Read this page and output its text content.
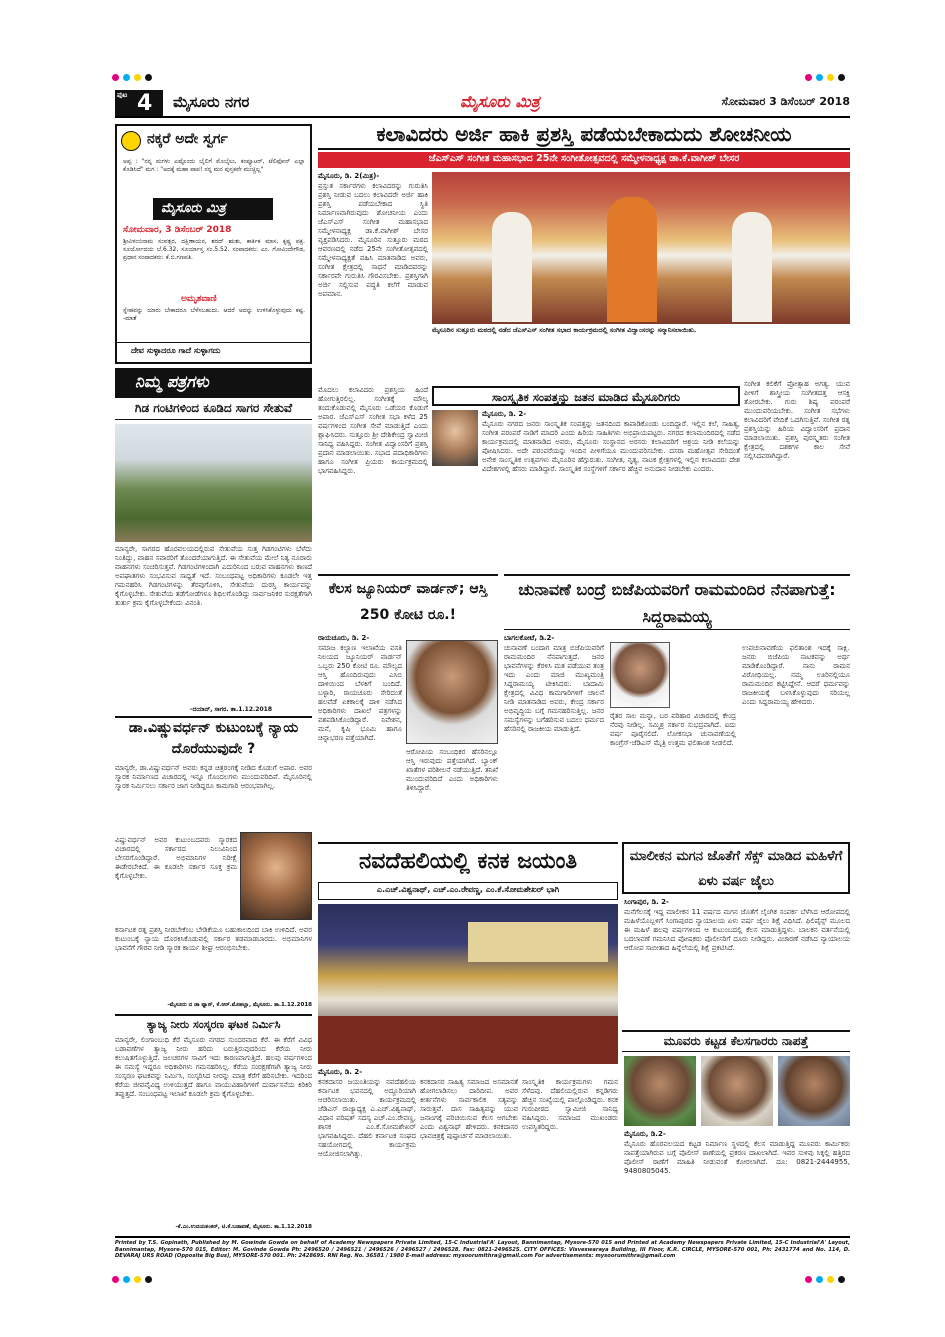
ಪುಟ 4 ಮೈಸೂರು ನಗರ	ಮೈಸೂರು ಮಿತ್ರ	ಸೋಮವಾರ 3 ಡಿಸೆಂಬರ್ 2018
ನಕ್ಕರೆ ಅದೇ ಸ್ವರ್ಗ
ಅಪ್ಪ : "ನನ್ನ ಮಗಳು ಎಷ್ಟೊಂದು ಬೈಲಿಗೆ ಮೊಬೈಲು, ಕಂಪ್ಯೂಟರ್, ಟೆಲಿಫೋನ್ ಎಲ್ಲಾ ಕೊಡಿಸಿದೆ" ಮಗ : "ಅದಕ್ಕೆ ಮಹಾ ಪಾಪ! ನನ್ನ ಮನ ಪುಸ್ತಕವೇ ಮುಚ್ಚಿಲ್ಲ"
ಮೈಸೂರು ಮಿತ್ರ
ಸೋಮವಾರ, 3 ಡಿಸೆಂಬರ್ 2018
ಶ್ರೀವಿಳಂಬಿನಾಮ ಸಂವತ್ಸರ, ದಕ್ಷಿಣಾಯನ, ಶರದ್ ಋತು, ಕಾರ್ತಿಕ ಮಾಸ, ಕೃಷ್ಣ ಪಕ್ಷ. ಸೂರ್ಯೋದಯ ಬೆ.6.32, ಸೂರ್ಯಾಸ್ತ ಸಂ.5.52. ಸಂಪಾದಕರು: ಎಂ. ಗೋವಿಂದೇಗೌಡ, ಪ್ರಧಾನ ಸಂಪಾದಕರು: ಕೆ.ಬಿ.ಗಣಪತಿ.
ಅಮೃತವಾಣಿ
ಸ್ನೇಹವನ್ನು ಯಾರು ಬೇಕಾದರೂ ಬೆಳೆಸಬಹುದು. ಆದರೆ ಅದನ್ನು ಉಳಿಸಿಕೊಳ್ಳುವುದು ಕಷ್ಟ. -ಮಾತೆ
ದೇವ ಸುಳ್ಳಾದರೂ ಗಾದೆ ಸುಳ್ಳಾಗದು
ನಿಮ್ಮ ಪತ್ರಗಳು
ಗಿಡ ಗಂಟಿಗಳಿಂದ ಕೂಡಿದ ಸಾಗರ ಸೇತುವೆ
ಮಾನ್ಯರೇ, ಸಾಗರದ ಹೊರವಲಯದಲ್ಲಿರುವ ಸೇತುವೆಯ ಸುತ್ತ ಗಿಡಗಂಟಿಗಳು ಬೆಳೆದು ನಿಂತಿದ್ದು, ವಾಹನ ಸವಾರರಿಗೆ ತೊಂದರೆಯಾಗುತ್ತಿದೆ. ಈ ಸೇತುವೆಯ ಮೇಲೆ ನಿತ್ಯ ನೂರಾರು ವಾಹನಗಳು ಸಂಚರಿಸುತ್ತವೆ. ಗಿಡಗಂಟಿಗಳಿಂದಾಗಿ ಎದುರಿನಿಂದ ಬರುವ ವಾಹನಗಳು ಕಾಣದೆ ಅಪಘಾತಗಳು ಸಂಭವಿಸುವ ಸಾಧ್ಯತೆ ಇದೆ. ಸಂಬಂಧಪಟ್ಟ ಅಧಿಕಾರಿಗಳು ಕೂಡಲೇ ಇತ್ತ ಗಮನಹರಿಸಿ ಗಿಡಗಂಟಿಗಳನ್ನು ತೆರವುಗೊಳಿಸಿ, ಸೇತುವೆಯ ದುರಸ್ತಿ ಕಾರ್ಯವನ್ನು ಕೈಗೊಳ್ಳಬೇಕು. ಸೇತುವೆಯ ತಡೆಗೋಡೆಗಳೂ ಶಿಥಿಲಗೊಂಡಿದ್ದು ಸಾರ್ವಜನಿಕರ ಸುರಕ್ಷತೆಗಾಗಿ ತುರ್ತು ಕ್ರಮ ಕೈಗೊಳ್ಳಬೇಕೆಂದು ವಿನಂತಿ.
-ದಯಾನ್, ಸಾಗರ. ತಾ.1.12.2018
ಡಾ.ವಿಷ್ಣುವರ್ಧನ್ ಕುಟುಂಬಕ್ಕೆ ನ್ಯಾಯ ದೊರೆಯುವುದೇ ?
ಮಾನ್ಯರೇ, ಡಾ.ವಿಷ್ಣುವರ್ಧನ್ ಅವರು ಕನ್ನಡ ಚಿತ್ರರಂಗಕ್ಕೆ ನೀಡಿದ ಕೊಡುಗೆ ಅಪಾರ. ಅವರ ಸ್ಮಾರಕ ನಿರ್ಮಾಣದ ವಿಚಾರದಲ್ಲಿ ಇನ್ನೂ ಗೊಂದಲಗಳು ಮುಂದುವರಿದಿವೆ. ಮೈಸೂರಿನಲ್ಲಿ ಸ್ಮಾರಕ ನಿರ್ಮಿಸಲು ಸರ್ಕಾರ ಜಾಗ ನೀಡಿದ್ದರೂ ಕಾಮಗಾರಿ ಆರಂಭವಾಗಿಲ್ಲ.
ವಿಷ್ಣುವರ್ಧನ್ ಅವರ ಕುಟುಂಬದವರು ಸ್ಮಾರಕದ ವಿಚಾರದಲ್ಲಿ ಸರ್ಕಾರದ ನಿಲುವಿನಿಂದ ಬೇಸರಗೊಂಡಿದ್ದಾರೆ. ಅಭಿಮಾನಿಗಳ ನಿರೀಕ್ಷೆ ಈಡೇರಬೇಕಿದೆ. ಈ ಕೂಡಲೇ ಸರ್ಕಾರ ಸೂಕ್ತ ಕ್ರಮ ಕೈಗೊಳ್ಳಬೇಕು.
ಕರ್ನಾಟಕ ರತ್ನ ಪ್ರಶಸ್ತಿ ನೀಡಬೇಕೆಂಬ ಬೇಡಿಕೆಯೂ ಬಹುಕಾಲದಿಂದ ಬಾಕಿ ಉಳಿದಿದೆ. ಅವರ ಕುಟುಂಬಕ್ಕೆ ನ್ಯಾಯ ದೊರಕಿಸಿಕೊಡುವಲ್ಲಿ ಸರ್ಕಾರ ತಡಮಾಡಬಾರದು. ಅಭಿಮಾನಿಗಳ ಭಾವನೆಗೆ ಗೌರವ ನೀಡಿ ಸ್ಮಾರಕ ಕಾರ್ಯ ಶೀಘ್ರ ಆರಂಭಿಸಬೇಕು.
-ಮೈಸೂರು ದ ಡಾ ಫ್ಯಾನ್, ಕೆ.ಆರ್.ಮೊಹಲ್ಲಾ, ಮೈಸೂರು. ತಾ.1.12.2018
ತ್ಯಾಜ್ಯ ನೀರು ಸಂಸ್ಕರಣ ಘಟಕ ನಿರ್ಮಿಸಿ
ಮಾನ್ಯರೇ, ಲಿಂಗಾಂಬುಧಿ ಕೆರೆ ಮೈಸೂರು ನಗರದ ಸುಂದರವಾದ ಕೆರೆ. ಈ ಕೆರೆಗೆ ವಿವಿಧ ಬಡಾವಣೆಗಳ ತ್ಯಾಜ್ಯ ನೀರು ಹರಿದು ಬರುತ್ತಿರುವುದರಿಂದ ಕೆರೆಯ ನೀರು ಕಲುಷಿತಗೊಳ್ಳುತ್ತಿದೆ. ಜಲಚರಗಳ ಸಾವಿಗೆ ಇದು ಕಾರಣವಾಗುತ್ತಿದೆ. ಹಲವು ವರ್ಷಗಳಿಂದ ಈ ಸಮಸ್ಯೆ ಇದ್ದರೂ ಅಧಿಕಾರಿಗಳು ಗಮನಹರಿಸಿಲ್ಲ. ಕೆರೆಯ ಸಂರಕ್ಷಣೆಗಾಗಿ ತ್ಯಾಜ್ಯ ನೀರು ಸಂಸ್ಕರಣ ಘಟಕವನ್ನು ನಿರ್ಮಿಸಿ, ಸಂಸ್ಕರಿಸಿದ ನೀರನ್ನು ಮಾತ್ರ ಕೆರೆಗೆ ಹರಿಸಬೇಕು. ಇದರಿಂದ ಕೆರೆಯ ಜೀವವೈವಿಧ್ಯ ಉಳಿಯುತ್ತದೆ ಹಾಗೂ ವಾಯುವಿಹಾರಿಗಳಿಗೆ ದುರ್ವಾಸನೆಯ ಕಿರಿಕಿರಿ ತಪ್ಪುತ್ತದೆ. ಸಂಬಂಧಪಟ್ಟ ಇಲಾಖೆ ಕೂಡಲೇ ಕ್ರಮ ಕೈಗೊಳ್ಳಬೇಕು.
-ಕೆ.ಎಂ.ಉದಯಶಂಕರ್, ಟಿ.ಕೆ.ಬಡಾವಣೆ, ಮೈಸೂರು. ತಾ.1.12.2018
ಕಲಾವಿದರು ಅರ್ಜಿ ಹಾಕಿ ಪ್ರಶಸ್ತಿ ಪಡೆಯಬೇಕಾದುದು ಶೋಚನೀಯ
ಜೆಎಸ್‌ಎಸ್ ಸಂಗೀತ ಮಹಾಸಭಾದ 25ನೇ ಸಂಗೀತೋತ್ಸವದಲ್ಲಿ ಸಮ್ಮೇಳನಾಧ್ಯಕ್ಷ ಡಾ.ಕೆ.ವಾಗೀಶ್ ಬೇಸರ
ಮೈಸೂರು, ಡಿ. 2(ಮಿತ್ರ)-
ಪ್ರಸ್ತುತ ಸರ್ಕಾರಗಳು ಕಲಾವಿದರನ್ನು ಗುರುತಿಸಿ ಪ್ರಶಸ್ತಿ ನೀಡುವ ಬದಲು ಕಲಾವಿದರೇ ಅರ್ಜಿ ಹಾಕಿ ಪ್ರಶಸ್ತಿ ಪಡೆಯಬೇಕಾದ ಸ್ಥಿತಿ ನಿರ್ಮಾಣವಾಗಿರುವುದು ಶೋಚನೀಯ ಎಂದು ಜೆಎಸ್‌ಎಸ್ ಸಂಗೀತ ಮಹಾಸಭಾದ ಸಮ್ಮೇಳನಾಧ್ಯಕ್ಷ ಡಾ.ಕೆ.ವಾಗೀಶ್ ಬೇಸರ ವ್ಯಕ್ತಪಡಿಸಿದರು. ಮೈಸೂರಿನ ಸುತ್ತೂರು ಮಠದ ಆವರಣದಲ್ಲಿ ನಡೆದ 25ನೇ ಸಂಗೀತೋತ್ಸವದಲ್ಲಿ ಸಮ್ಮೇಳನಾಧ್ಯಕ್ಷತೆ ವಹಿಸಿ ಮಾತನಾಡಿದ ಅವರು, ಸಂಗೀತ ಕ್ಷೇತ್ರದಲ್ಲಿ ಸಾಧನೆ ಮಾಡಿದವರನ್ನು ಸರ್ಕಾರವೇ ಗುರುತಿಸಿ ಗೌರವಿಸಬೇಕು. ಪ್ರಶಸ್ತಿಗಾಗಿ ಅರ್ಜಿ ಸಲ್ಲಿಸುವ ಪದ್ಧತಿ ಕಲೆಗೆ ಮಾಡುವ ಅಪಮಾನ.
ಮೈಸೂರಿನ ಸುತ್ತೂರು ಮಠದಲ್ಲಿ ನಡೆದ ಜೆಎಸ್‌ಎಸ್ ಸಂಗೀತ ಸಭಾದ ಕಾರ್ಯಕ್ರಮದಲ್ಲಿ ಸಂಗೀತ ವಿದ್ವಾಂಸರನ್ನು ಸನ್ಮಾನಿಸಲಾಯಿತು.
ಮೊದಲು ಕಲಾವಿದರು ಪ್ರಶಸ್ತಿಯ ಹಿಂದೆ ಹೋಗುತ್ತಿರಲಿಲ್ಲ. ಸಂಗೀತಕ್ಕೆ ಮೌಲ್ಯ ತಂದುಕೊಡುವಲ್ಲಿ ಮೈಸೂರು ಒಡೆಯರ ಕೊಡುಗೆ ಅಪಾರ. ಜೆಎಸ್‌ಎಸ್ ಸಂಗೀತ ಸಭಾ ಕಳೆದ 25 ವರ್ಷಗಳಿಂದ ಸಂಗೀತ ಸೇವೆ ಮಾಡುತ್ತಿದೆ ಎಂದು ಶ್ಲಾಘಿಸಿದರು. ಸುತ್ತೂರು ಶ್ರೀ ದೇಶಿಕೇಂದ್ರ ಸ್ವಾಮೀಜಿ ಸಾನಿಧ್ಯ ವಹಿಸಿದ್ದರು. ಸಂಗೀತ ವಿದ್ವಾಂಸರಿಗೆ ಪ್ರಶಸ್ತಿ ಪ್ರದಾನ ಮಾಡಲಾಯಿತು. ಸಭಾದ ಪದಾಧಿಕಾರಿಗಳು ಹಾಗೂ ಸಂಗೀತ ಪ್ರಿಯರು ಕಾರ್ಯಕ್ರಮದಲ್ಲಿ ಭಾಗವಹಿಸಿದ್ದರು.
ಸಂಗೀತ ಕಲಿಕೆಗೆ ಪ್ರೋತ್ಸಾಹ ಅಗತ್ಯ. ಯುವ ಪೀಳಿಗೆ ಶಾಸ್ತ್ರೀಯ ಸಂಗೀತದತ್ತ ಆಸಕ್ತಿ ತೋರಬೇಕು. ಗುರು ಶಿಷ್ಯ ಪರಂಪರೆ ಮುಂದುವರಿಯಬೇಕು. ಸಂಗೀತ ಸಭೆಗಳು ಕಲಾವಿದರಿಗೆ ವೇದಿಕೆ ಒದಗಿಸುತ್ತಿವೆ. ಸಂಗೀತ ರತ್ನ ಪ್ರಶಸ್ತಿಯನ್ನು ಹಿರಿಯ ವಿದ್ವಾಂಸರಿಗೆ ಪ್ರದಾನ ಮಾಡಲಾಯಿತು. ಪ್ರಶಸ್ತಿ ಪುರಸ್ಕೃತರು ಸಂಗೀತ ಕ್ಷೇತ್ರದಲ್ಲಿ ದಶಕಗಳ ಕಾಲ ಸೇವೆ ಸಲ್ಲಿಸಿದವರಾಗಿದ್ದಾರೆ.
ಸಾಂಸ್ಕೃತಿಕ ಸಂಪತ್ತನ್ನು ಜತನ ಮಾಡಿದ ಮೈಸೂರಿಗರು
ಮೈಸೂರು, ಡಿ. 2-
ಮೈಸೂರು ನಗರದ ಜನರು ಸಾಂಸ್ಕೃತಿಕ ಸಂಪತ್ತನ್ನು ಜತನದಿಂದ ಕಾಪಾಡಿಕೊಂಡು ಬಂದಿದ್ದಾರೆ. ಇಲ್ಲಿನ ಕಲೆ, ಸಾಹಿತ್ಯ, ಸಂಗೀತ ಪರಂಪರೆ ನಾಡಿಗೆ ಮಾದರಿ ಎಂದು ಹಿರಿಯ ಸಾಹಿತಿಗಳು ಅಭಿಪ್ರಾಯಪಟ್ಟರು. ನಗರದ ಕಲಾಮಂದಿರದಲ್ಲಿ ನಡೆದ ಕಾರ್ಯಕ್ರಮದಲ್ಲಿ ಮಾತನಾಡಿದ ಅವರು, ಮೈಸೂರು ಸಂಸ್ಥಾನದ ಅರಸರು ಕಲಾವಿದರಿಗೆ ಆಶ್ರಯ ನೀಡಿ ಕಲೆಯನ್ನು ಪೋಷಿಸಿದರು. ಅದೇ ಪರಂಪರೆಯನ್ನು ಇಂದಿನ ಪೀಳಿಗೆಯೂ ಮುಂದುವರಿಸಬೇಕು. ದಸರಾ ಮಹೋತ್ಸವ ಸೇರಿದಂತೆ ಅನೇಕ ಸಾಂಸ್ಕೃತಿಕ ಉತ್ಸವಗಳು ಮೈಸೂರಿನ ಹೆಗ್ಗುರುತು. ಸಂಗೀತ, ನೃತ್ಯ, ನಾಟಕ ಕ್ಷೇತ್ರಗಳಲ್ಲಿ ಇಲ್ಲಿನ ಕಲಾವಿದರು ದೇಶ ವಿದೇಶಗಳಲ್ಲಿ ಹೆಸರು ಮಾಡಿದ್ದಾರೆ. ಸಾಂಸ್ಕೃತಿಕ ಸಂಸ್ಥೆಗಳಿಗೆ ಸರ್ಕಾರ ಹೆಚ್ಚಿನ ಅನುದಾನ ನೀಡಬೇಕು ಎಂದರು.
ಕೆಲಸ ಜ್ಯೂನಿಯರ್ ವಾರ್ಡನ್; ಆಸ್ತಿ 250 ಕೋಟಿ ರೂ.!
ರಾಯಚೂರು, ಡಿ. 2-
ಸಮಾಜ ಕಲ್ಯಾಣ ಇಲಾಖೆಯ ವಸತಿ ನಿಲಯದ ಜ್ಯೂನಿಯರ್ ವಾರ್ಡನ್ ಒಬ್ಬರು 250 ಕೋಟಿ ರೂ. ಮೌಲ್ಯದ ಆಸ್ತಿ ಹೊಂದಿರುವುದು ಎಸಿಬಿ ದಾಳಿಯಿಂದ ಬೆಳಕಿಗೆ ಬಂದಿದೆ. ಬಳ್ಳಾರಿ, ರಾಯಚೂರು ಸೇರಿದಂತೆ ಹಲವೆಡೆ ಏಕಕಾಲಕ್ಕೆ ದಾಳಿ ನಡೆಸಿದ ಅಧಿಕಾರಿಗಳು ದಾಖಲೆ ಪತ್ರಗಳನ್ನು ವಶಪಡಿಸಿಕೊಂಡಿದ್ದಾರೆ. ನಿವೇಶನ, ಮನೆ, ಕೃಷಿ ಭೂಮಿ ಹಾಗೂ ಚಿನ್ನಾಭರಣ ಪತ್ತೆಯಾಗಿದೆ.
ಆರೋಪಿಯ ಸಂಬಂಧಿಕರ ಹೆಸರಿನಲ್ಲೂ ಆಸ್ತಿ ಇರುವುದು ಪತ್ತೆಯಾಗಿದೆ. ಬ್ಯಾಂಕ್ ಖಾತೆಗಳ ಪರಿಶೀಲನೆ ನಡೆಯುತ್ತಿದೆ. ತನಿಖೆ ಮುಂದುವರಿದಿದೆ ಎಂದು ಅಧಿಕಾರಿಗಳು ತಿಳಿಸಿದ್ದಾರೆ.
ಚುನಾವಣೆ ಬಂದ್ರೆ ಬಿಜೆಪಿಯವರಿಗೆ ರಾಮಮಂದಿರ ನೆನಪಾಗುತ್ತೆ: ಸಿದ್ದರಾಮಯ್ಯ
ಬಾಗಲಕೋಟೆ, ಡಿ.2-
ಚುನಾವಣೆ ಬಂದಾಗ ಮಾತ್ರ ಬಿಜೆಪಿಯವರಿಗೆ ರಾಮಮಂದಿರ ನೆನಪಾಗುತ್ತದೆ. ಜನರ ಭಾವನೆಗಳನ್ನು ಕೆರಳಿಸಿ ಮತ ಪಡೆಯುವ ತಂತ್ರ ಇದು ಎಂದು ಮಾಜಿ ಮುಖ್ಯಮಂತ್ರಿ ಸಿದ್ದರಾಮಯ್ಯ ಟೀಕಿಸಿದರು. ಬಾದಾಮಿ ಕ್ಷೇತ್ರದಲ್ಲಿ ವಿವಿಧ ಕಾಮಗಾರಿಗಳಿಗೆ ಚಾಲನೆ ನೀಡಿ ಮಾತನಾಡಿದ ಅವರು, ಕೇಂದ್ರ ಸರ್ಕಾರ ಅಭಿವೃದ್ಧಿಯ ಬಗ್ಗೆ ಗಮನಹರಿಸುತ್ತಿಲ್ಲ. ಜನರ ಸಮಸ್ಯೆಗಳನ್ನು ಬಗೆಹರಿಸುವ ಬದಲು ಧರ್ಮದ ಹೆಸರಿನಲ್ಲಿ ರಾಜಕೀಯ ಮಾಡುತ್ತಿದೆ.
ರೈತರ ಸಾಲ ಮನ್ನಾ, ಬರ ಪರಿಹಾರ ವಿಚಾರದಲ್ಲಿ ಕೇಂದ್ರ ನೆರವು ನೀಡಿಲ್ಲ. ಸಮ್ಮಿಶ್ರ ಸರ್ಕಾರ ಸುಭದ್ರವಾಗಿದೆ. ಐದು ವರ್ಷ ಪೂರೈಸಲಿದೆ. ಲೋಕಸಭಾ ಚುನಾವಣೆಯಲ್ಲಿ ಕಾಂಗ್ರೆಸ್-ಜೆಡಿಎಸ್ ಮೈತ್ರಿ ಉತ್ತಮ ಫಲಿತಾಂಶ ನೀಡಲಿದೆ.
ಉಪಚುನಾವಣೆಯ ಫಲಿತಾಂಶ ಇದಕ್ಕೆ ಸಾಕ್ಷಿ. ಜನರು ಬಿಜೆಪಿಯ ನಾಟಕವನ್ನು ಅರ್ಥ ಮಾಡಿಕೊಂಡಿದ್ದಾರೆ. ನಾನು ರಾಮನ ವಿರೋಧಿಯಲ್ಲ. ನಮ್ಮ ಊರಿನಲ್ಲಿಯೂ ರಾಮಮಂದಿರ ಕಟ್ಟಿಸಿದ್ದೇನೆ. ಆದರೆ ಧರ್ಮವನ್ನು ರಾಜಕೀಯಕ್ಕೆ ಬಳಸಿಕೊಳ್ಳುವುದು ಸರಿಯಲ್ಲ ಎಂದು ಸಿದ್ದರಾಮಯ್ಯ ಹೇಳಿದರು.
ನವದೆಹಲಿಯಲ್ಲಿ ಕನಕ ಜಯಂತಿ
ಎ.ಎಚ್.ವಿಶ್ವನಾಥ್, ಎಚ್.ಎಂ.ರೇವಣ್ಣ, ಎಂ.ಕೆ.ಸೋಮಶೇಖರ್ ಭಾಗಿ
ಮೈಸೂರು, ಡಿ. 2-
ಕನಕದಾಸರ ಜಯಂತಿಯನ್ನು ನವದೆಹಲಿಯ ಕರ್ನಾಟಕ ಭವನದಲ್ಲಿ ಅದ್ದೂರಿಯಾಗಿ ಆಚರಿಸಲಾಯಿತು. ಕಾರ್ಯಕ್ರಮದಲ್ಲಿ ಜೆಡಿಎಸ್ ರಾಜ್ಯಾಧ್ಯಕ್ಷ ಎ.ಎಚ್.ವಿಶ್ವನಾಥ್, ವಿಧಾನ ಪರಿಷತ್ ಸದಸ್ಯ ಎಚ್.ಎಂ.ರೇವಣ್ಣ, ಶಾಸಕ ಎಂ.ಕೆ.ಸೋಮಶೇಖರ್ ಭಾಗವಹಿಸಿದ್ದರು. ದೆಹಲಿ ಕರ್ನಾಟಕ ಸಂಘದ ಸಹಯೋಗದಲ್ಲಿ ಕಾರ್ಯಕ್ರಮ ಆಯೋಜಿಸಲಾಗಿತ್ತು.
ಕನಕದಾಸರ ಸಾಹಿತ್ಯ ಸಮಾಜದ ಅಸಮಾನತೆ ಹೋಗಲಾಡಿಸಲು ದಾರಿದೀಪ. ಅವರ ಕೀರ್ತನೆಗಳು ಸಾರ್ವಕಾಲಿಕ ಸತ್ಯವನ್ನು ಸಾರುತ್ತವೆ. ದಾಸ ಸಾಹಿತ್ಯವನ್ನು ಯುವ ಜನಾಂಗಕ್ಕೆ ಪರಿಚಯಿಸುವ ಕೆಲಸ ಆಗಬೇಕು ಎಂದು ವಿಶ್ವನಾಥ್ ಹೇಳಿದರು. ಕನಕದಾಸರ ಭಾವಚಿತ್ರಕ್ಕೆ ಪುಷ್ಪಾರ್ಚನೆ ಮಾಡಲಾಯಿತು.
ಸಾಂಸ್ಕೃತಿಕ ಕಾರ್ಯಕ್ರಮಗಳು ಗಮನ ಸೆಳೆದವು. ದೆಹಲಿಯಲ್ಲಿರುವ ಕನ್ನಡಿಗರು ಹೆಚ್ಚಿನ ಸಂಖ್ಯೆಯಲ್ಲಿ ಪಾಲ್ಗೊಂಡಿದ್ದರು. ಕನಕ ಗುರುಪೀಠದ ಸ್ವಾಮೀಜಿ ಸಾನಿಧ್ಯ ವಹಿಸಿದ್ದರು. ಸಮಾಜದ ಮುಖಂಡರು ಉಪಸ್ಥಿತರಿದ್ದರು.
ಮಾಲೀಕನ ಮಗನ ಜೊತೆಗೆ ಸೆಕ್ಸ್ ಮಾಡಿದ ಮಹಿಳೆಗೆ ಏಳು ವರ್ಷ ಜೈಲು
ಸಿಂಗಾಪುರ, ಡಿ. 2-
ಮನೆಗೆಲಸಕ್ಕೆ ಇದ್ದ ಮಾಲೀಕನ 11 ವರ್ಷದ ಮಗನ ಜೊತೆಗೆ ಲೈಂಗಿಕ ಸಂಪರ್ಕ ಬೆಳೆಸಿದ ಆರೋಪದಲ್ಲಿ ಮಹಿಳೆಯೊಬ್ಬಳಿಗೆ ಸಿಂಗಾಪುರದ ನ್ಯಾಯಾಲಯ ಏಳು ವರ್ಷ ಜೈಲು ಶಿಕ್ಷೆ ವಿಧಿಸಿದೆ. ಫಿಲಿಪೈನ್ಸ್ ಮೂಲದ ಈ ಮಹಿಳೆ ಹಲವು ವರ್ಷಗಳಿಂದ ಆ ಕುಟುಂಬದಲ್ಲಿ ಕೆಲಸ ಮಾಡುತ್ತಿದ್ದಳು. ಬಾಲಕನ ವರ್ತನೆಯಲ್ಲಿ ಬದಲಾವಣೆ ಗಮನಿಸಿದ ಪೋಷಕರು ಪೊಲೀಸರಿಗೆ ದೂರು ನೀಡಿದ್ದರು. ವಿಚಾರಣೆ ನಡೆಸಿದ ನ್ಯಾಯಾಲಯ ಆರೋಪ ಸಾಬೀತಾದ ಹಿನ್ನೆಲೆಯಲ್ಲಿ ಶಿಕ್ಷೆ ಪ್ರಕಟಿಸಿದೆ.
ಮೂವರು ಕಟ್ಟಡ ಕೆಲಸಗಾರರು ನಾಪತ್ತೆ
ಮೈಸೂರು, ಡಿ.2-
ಮೈಸೂರು ಹೊರವಲಯದ ಕಟ್ಟಡ ನಿರ್ಮಾಣ ಸ್ಥಳದಲ್ಲಿ ಕೆಲಸ ಮಾಡುತ್ತಿದ್ದ ಮೂವರು ಕಾರ್ಮಿಕರು ನಾಪತ್ತೆಯಾಗಿರುವ ಬಗ್ಗೆ ಪೊಲೀಸ್ ಠಾಣೆಯಲ್ಲಿ ಪ್ರಕರಣ ದಾಖಲಾಗಿದೆ. ಇವರ ಸುಳಿವು ಸಿಕ್ಕಲ್ಲಿ ಹತ್ತಿರದ ಪೊಲೀಸ್ ಠಾಣೆಗೆ ಮಾಹಿತಿ ನೀಡುವಂತೆ ಕೋರಲಾಗಿದೆ. ದೂ: 0821-2444955, 9480805045.
Printed by T.S. Gopinath, Published by M. Gowinde Gowda on behalf of Academy Newspapers Private Limited, 15-C Industrial'A' Layout, Bannimantap, Mysore-570 015 and Printed at Academy Newspapers Private Limited, 15-C Industrial'A' Layout, Bannimantap, Mysore-570 015, Editor: M. Govinde Gowda Ph: 2496520 / 2496521 / 2496526 / 2496527 / 2496528. Fax: 0821-2496525. CITY OFFICES: Visveswaraya Building, III Floor, K.R. CIRCLE, MYSORE-570 001, Ph: 2431774 and No. 114, D. DEVARAJ URS ROAD (Opposite Big Bus), MYSORE-570 001. Ph: 2428695. RNI Reg. No. 36581 / 1980 E-mail address: mysoorumithra@gmail.com For advertisements: mysoorumithra@gmail.com
